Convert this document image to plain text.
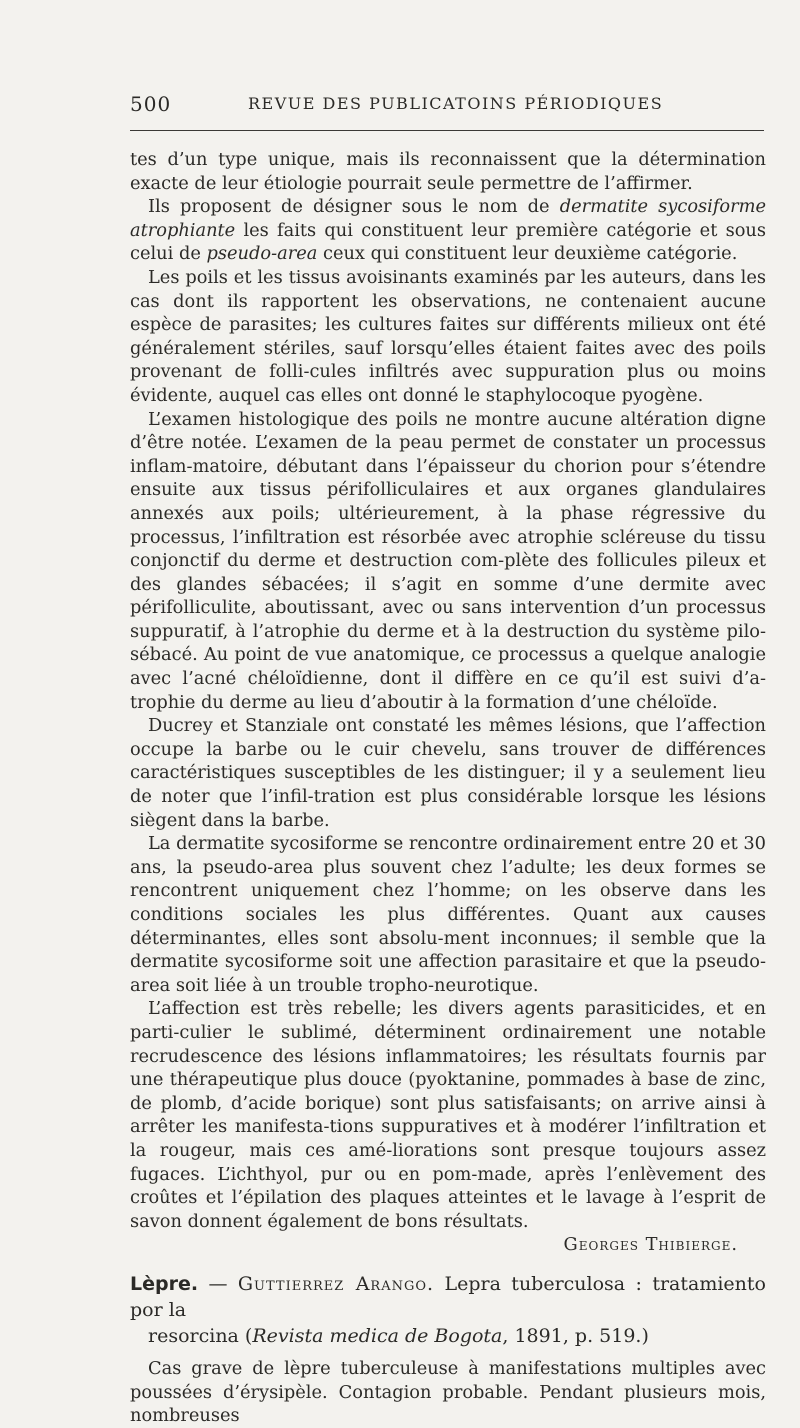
500	REVUE DES PUBLICATOINS PÉRIODIQUES

tes d’un type unique, mais ils reconnaissent que la détermination exacte de leur étiologie pourrait seule permettre de l’affirmer.

Ils proposent de désigner sous le nom de dermatite sycosiforme atrophiante les faits qui constituent leur première catégorie et sous celui de pseudo-area ceux qui constituent leur deuxième catégorie.

Les poils et les tissus avoisinants examinés par les auteurs, dans les cas dont ils rapportent les observations, ne contenaient aucune espèce de parasites; les cultures faites sur différents milieux ont été généralement stériles, sauf lorsqu’elles étaient faites avec des poils provenant de folli-cules infiltrés avec suppuration plus ou moins évidente, auquel cas elles ont donné le staphylocoque pyogène.

L’examen histologique des poils ne montre aucune altération digne d’être notée. L’examen de la peau permet de constater un processus inflam-matoire, débutant dans l’épaisseur du chorion pour s’étendre ensuite aux tissus périfolliculaires et aux organes glandulaires annexés aux poils; ultérieurement, à la phase régressive du processus, l’infiltration est résorbée avec atrophie scléreuse du tissu conjonctif du derme et destruction com-plète des follicules pileux et des glandes sébacées; il s’agit en somme d’une dermite avec périfolliculite, aboutissant, avec ou sans intervention d’un processus suppuratif, à l’atrophie du derme et à la destruction du système pilo-sébacé. Au point de vue anatomique, ce processus a quelque analogie avec l’acné chéloïdienne, dont il diffère en ce qu’il est suivi d’a-trophie du derme au lieu d’aboutir à la formation d’une chéloïde.

Ducrey et Stanziale ont constaté les mêmes lésions, que l’affection occupe la barbe ou le cuir chevelu, sans trouver de différences caractéristiques susceptibles de les distinguer; il y a seulement lieu de noter que l’infil-tration est plus considérable lorsque les lésions siègent dans la barbe.

La dermatite sycosiforme se rencontre ordinairement entre 20 et 30 ans, la pseudo-area plus souvent chez l’adulte; les deux formes se rencontrent uniquement chez l’homme; on les observe dans les conditions sociales les plus différentes. Quant aux causes déterminantes, elles sont absolu-ment inconnues; il semble que la dermatite sycosiforme soit une affection parasitaire et que la pseudo-area soit liée à un trouble tropho-neurotique.

L’affection est très rebelle; les divers agents parasiticides, et en parti-culier le sublimé, déterminent ordinairement une notable recrudescence des lésions inflammatoires; les résultats fournis par une thérapeutique plus douce (pyoktanine, pommades à base de zinc, de plomb, d’acide borique) sont plus satisfaisants; on arrive ainsi à arrêter les manifesta-tions suppuratives et à modérer l’infiltration et la rougeur, mais ces amé-liorations sont presque toujours assez fugaces. L’ichthyol, pur ou en pom-made, après l’enlèvement des croûtes et l’épilation des plaques atteintes et le lavage à l’esprit de savon donnent également de bons résultats.

Georges Thibierge.

Lèpre. — Guttierrez Arango. Lepra tuberculosa : tratamiento por la
resorcina (Revista medica de Bogota, 1891, p. 519.)

Cas grave de lèpre tuberculeuse à manifestations multiples avec poussées d’érysipèle. Contagion probable. Pendant plusieurs mois, nombreuses
